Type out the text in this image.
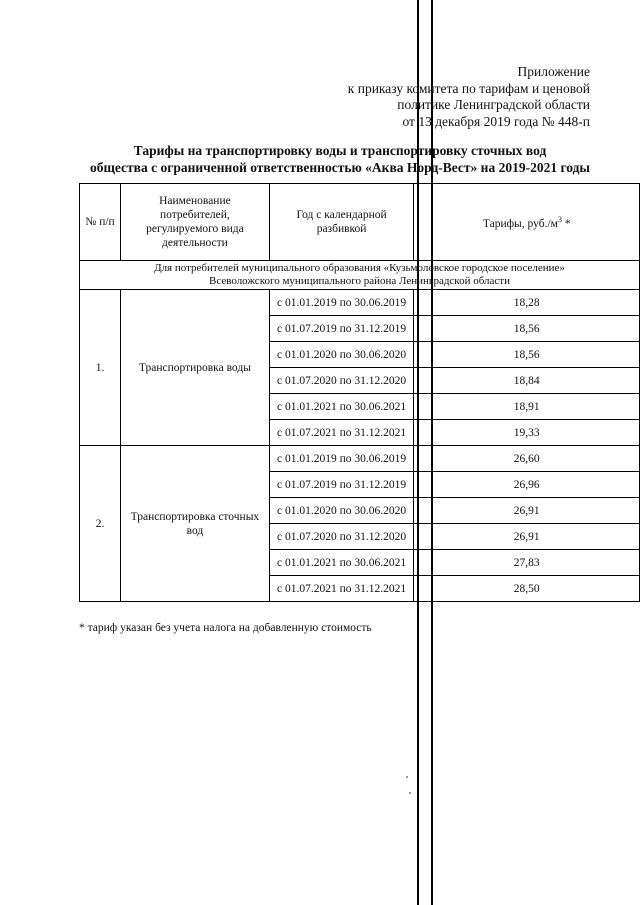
Приложение
к приказу комитета по тарифам и ценовой
политике Ленинградской области
от 13 декабря 2019 года № 448-п
Тарифы на транспортировку воды и транспортировку сточных вод
общества с ограниченной ответственностью «Аква Норд-Вест» на 2019-2021 годы
№ п/п	Наименование потребителей, регулируемого вида деятельности	Год с календарной разбивкой	Тарифы, $руб./м^3$ *

Для потребителей муниципального образования «Кузьмоловское городское поселение»
Всеволожского муниципального района Ленинградской области			

1.	Транспортировка воды	с 01.01.2019 по 30.06.2019	18,28
		с 01.07.2019 по 31.12.2019	18,56
		с 01.01.2020 по 30.06.2020	18,56
		с 01.07.2020 по 31.12.2020	18,84
		с 01.01.2021 по 30.06.2021	18,91
		с 01.07.2021 по 31.12.2021	19,33
2.	Транспортировка сточных вод	с 01.01.2019 по 30.06.2019	26,60
		с 01.07.2019 по 31.12.2019	26,96
		с 01.01.2020 по 30.06.2020	26,91
		с 01.07.2020 по 31.12.2020	26,91
		с 01.01.2021 по 30.06.2021	27,83
		с 01.07.2021 по 31.12.2021	28,50
* тариф указан без учета налога на добавленную стоимость
